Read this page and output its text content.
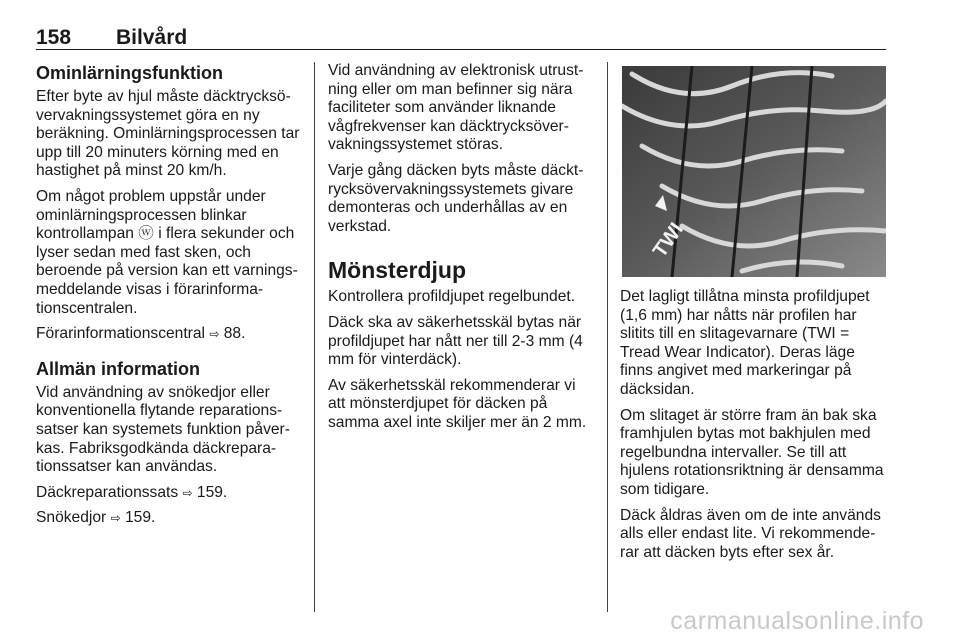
158 Bilvård
Ominlärningsfunktion

Efter byte av hjul måste däcktrycksö-vervakningssystemet göra en ny beräkning. Ominlärningsprocessen tar upp till 20 minuters körning med en hastighet på minst 20 km/h.

Om något problem uppstår under ominlärningsprocessen blinkar kontrollampan ⓦ i flera sekunder och lyser sedan med fast sken, och beroende på version kan ett varnings-meddelande visas i förarinforma-tionscentralen.

Förarinformationscentral ⇨ 88.

Allmän information

Vid användning av snökedjor eller konventionella flytande reparations-satser kan systemets funktion påver-kas. Fabriksgodkända däckrepara-tionssatser kan användas.

Däckreparationssats ⇨ 159.

Snökedjor ⇨ 159.

Vid användning av elektronisk utrust-ning eller om man befinner sig nära faciliteter som använder liknande vågfrekvenser kan däcktrycksöver-vakningssystemet störas.

Varje gång däcken byts måste däckt-rycksövervakningssystemets givare demonteras och underhållas av en verkstad.

Mönsterdjup

Kontrollera profildjupet regelbundet.

Däck ska av säkerhetsskäl bytas när profildjupet har nått ner till 2-3 mm (4 mm för vinterdäck).

Av säkerhetsskäl rekommenderar vi att mönsterdjupet för däcken på samma axel inte skiljer mer än 2 mm.

TWI

Det lagligt tillåtna minsta profildjupet (1,6 mm) har nåtts när profilen har slitits till en slitagevarnare (TWI = Tread Wear Indicator). Deras läge finns angivet med markeringar på däcksidan.

Om slitaget är större fram än bak ska framhjulen bytas mot bakhjulen med regelbundna intervaller. Se till att hjulens rotationsriktning är densamma som tidigare.

Däck åldras även om de inte används alls eller endast lite. Vi rekommende-rar att däcken byts efter sex år.

carmanualsonline.info
